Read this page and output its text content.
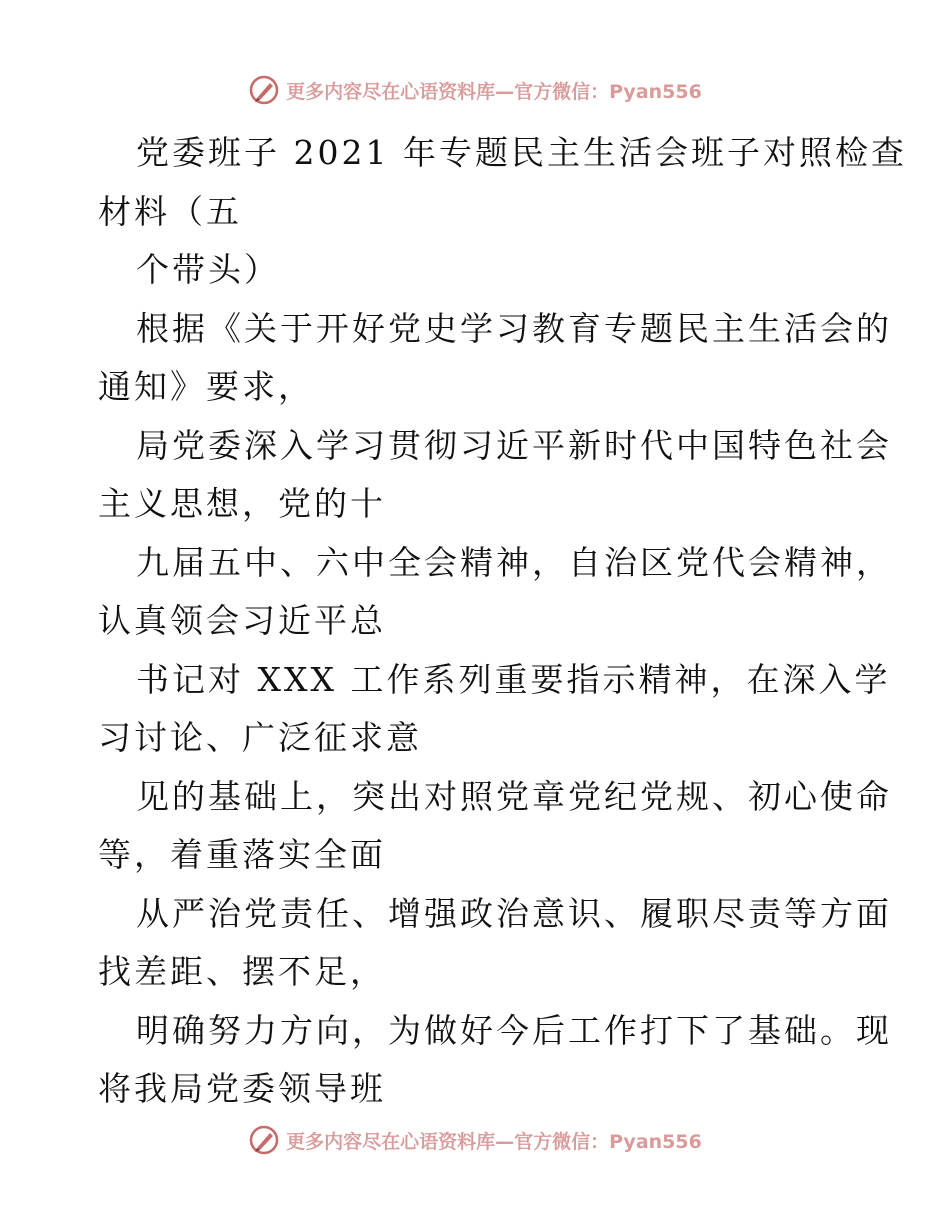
更多内容尽在心语资料库—官方微信：Pyan556
党委班子 2021 年专题民主生活会班子对照检查
材料（五
个带头）
根据《关于开好党史学习教育专题民主生活会的
通知》要求，
局党委深入学习贯彻习近平新时代中国特色社会
主义思想，党的十
九届五中、六中全会精神，自治区党代会精神，
认真领会习近平总
书记对 XXX 工作系列重要指示精神，在深入学
习讨论、广泛征求意
见的基础上，突出对照党章党纪党规、初心使命
等，着重落实全面
从严治党责任、增强政治意识、履职尽责等方面
找差距、摆不足，
明确努力方向，为做好今后工作打下了基础。现
将我局党委领导班
更多内容尽在心语资料库—官方微信：Pyan556
